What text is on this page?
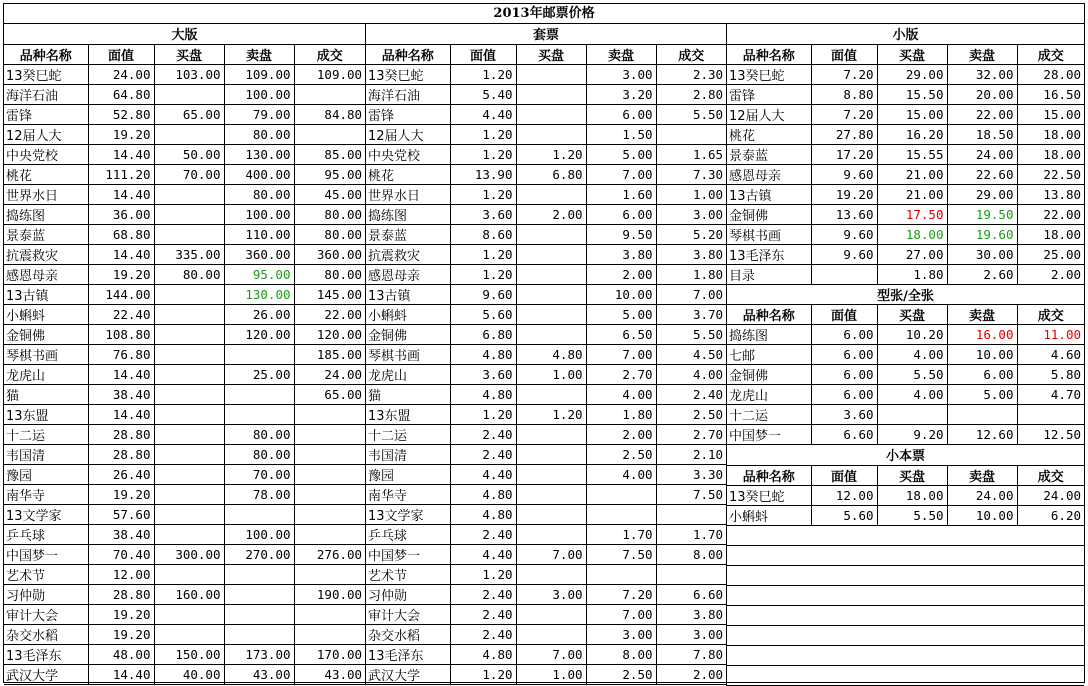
2013年邮票价格
大版				
品种名称	面值	买盘	卖盘	成交
13癸巳蛇	24.00	103.00	109.00	109.00
海洋石油	64.80		100.00	
雷锋	52.80	65.00	79.00	84.80
12届人大	19.20		80.00	
中央党校	14.40	50.00	130.00	85.00
桃花	111.20	70.00	400.00	95.00
世界水日	14.40		80.00	45.00
捣练图	36.00		100.00	80.00
景泰蓝	68.80		110.00	80.00
抗震救灾	14.40	335.00	360.00	360.00
感恩母亲	19.20	80.00	95.00	80.00
13古镇	144.00		130.00	145.00
小蝌蚪	22.40		26.00	22.00
金铜佛	108.80		120.00	120.00
琴棋书画	76.80			185.00
龙虎山	14.40		25.00	24.00
猫	38.40			65.00
13东盟	14.40			
十二运	28.80		80.00	
韦国清	28.80		80.00	
豫园	26.40		70.00	
南华寺	19.20		78.00	
13文学家	57.60			
乒乓球	38.40		100.00	
中国梦一	70.40	300.00	270.00	276.00
艺术节	12.00			
习仲勋	28.80	160.00		190.00
审计大会	19.20			
杂交水稻	19.20			
13毛泽东	48.00	150.00	173.00	170.00
武汉大学	14.40	40.00	43.00	43.00
套票				
品种名称	面值	买盘	卖盘	成交
13癸巳蛇	1.20		3.00	2.30
海洋石油	5.40		3.20	2.80
雷锋	4.40		6.00	5.50
12届人大	1.20		1.50	
中央党校	1.20	1.20	5.00	1.65
桃花	13.90	6.80	7.00	7.30
世界水日	1.20		1.60	1.00
捣练图	3.60	2.00	6.00	3.00
景泰蓝	8.60		9.50	5.20
抗震救灾	1.20		3.80	3.80
感恩母亲	1.20		2.00	1.80
13古镇	9.60		10.00	7.00
小蝌蚪	5.60		5.00	3.70
金铜佛	6.80		6.50	5.50
琴棋书画	4.80	4.80	7.00	4.50
龙虎山	3.60	1.00	2.70	4.00
猫	4.80		4.00	2.40
13东盟	1.20	1.20	1.80	2.50
十二运	2.40		2.00	2.70
韦国清	2.40		2.50	2.10
豫园	4.40		4.00	3.30
南华寺	4.80			7.50
13文学家	4.80			
乒乓球	2.40		1.70	1.70
中国梦一	4.40	7.00	7.50	8.00
艺术节	1.20			
习仲勋	2.40	3.00	7.20	6.60
审计大会	2.40		7.00	3.80
杂交水稻	2.40		3.00	3.00
13毛泽东	4.80	7.00	8.00	7.80
武汉大学	1.20	1.00	2.50	2.00
小版				
品种名称	面值	买盘	卖盘	成交
13癸巳蛇	7.20	29.00	32.00	28.00
雷锋	8.80	15.50	20.00	16.50
12届人大	7.20	15.00	22.00	15.00
桃花	27.80	16.20	18.50	18.00
景泰蓝	17.20	15.55	24.00	18.00
感恩母亲	9.60	21.00	22.60	22.50
13古镇	19.20	21.00	29.00	13.80
金铜佛	13.60	17.50	19.50	22.00
琴棋书画	9.60	18.00	19.60	18.00
13毛泽东	9.60	27.00	30.00	25.00
目录		1.80	2.60	2.00
型张/全张				
品种名称	面值	买盘	卖盘	成交
捣练图	6.00	10.20	16.00	11.00
七邮	6.00	4.00	10.00	4.60
金铜佛	6.00	5.50	6.00	5.80
龙虎山	6.00	4.00	5.00	4.70
十二运	3.60			
中国梦一	6.60	9.20	12.60	12.50
小本票				
品种名称	面值	买盘	卖盘	成交
13癸巳蛇	12.00	18.00	24.00	24.00
小蝌蚪	5.60	5.50	10.00	6.20
